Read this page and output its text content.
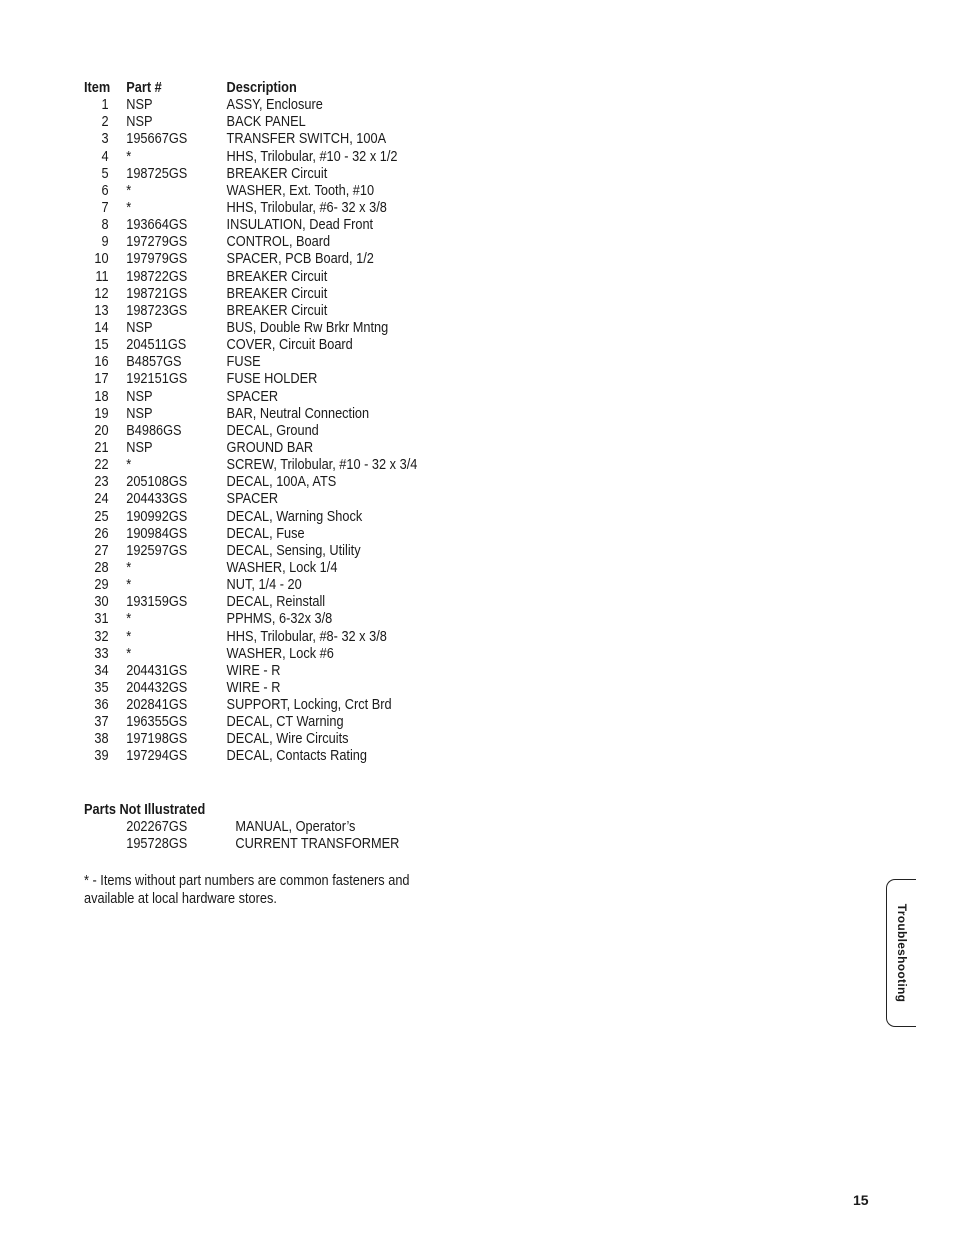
Item	Part #	Description
1	NSP	ASSY, Enclosure
2	NSP	BACK PANEL
3	195667GS	TRANSFER SWITCH, 100A
4	*	HHS, Trilobular, #10 - 32 x 1/2
5	198725GS	BREAKER Circuit
6	*	WASHER, Ext. Tooth, #10
7	*	HHS, Trilobular, #6- 32 x 3/8
8	193664GS	INSULATION, Dead Front
9	197279GS	CONTROL, Board
10	197979GS	SPACER, PCB Board, 1/2
11	198722GS	BREAKER Circuit
12	198721GS	BREAKER Circuit
13	198723GS	BREAKER Circuit
14	NSP	BUS, Double Rw Brkr Mntng
15	204511GS	COVER, Circuit Board
16	B4857GS	FUSE
17	192151GS	FUSE HOLDER
18	NSP	SPACER
19	NSP	BAR, Neutral Connection
20	B4986GS	DECAL, Ground
21	NSP	GROUND BAR
22	*	SCREW, Trilobular, #10 - 32 x 3/4
23	205108GS	DECAL, 100A, ATS
24	204433GS	SPACER
25	190992GS	DECAL, Warning Shock
26	190984GS	DECAL, Fuse
27	192597GS	DECAL, Sensing, Utility
28	*	WASHER, Lock 1/4
29	*	NUT, 1/4 - 20
30	193159GS	DECAL, Reinstall
31	*	PPHMS, 6-32x 3/8
32	*	HHS, Trilobular, #8- 32 x 3/8
33	*	WASHER, Lock #6
34	204431GS	WIRE - R
35	204432GS	WIRE - R
36	202841GS	SUPPORT, Locking, Crct Brd
37	196355GS	DECAL, CT Warning
38	197198GS	DECAL, Wire Circuits
39	197294GS	DECAL, Contacts Rating
Parts Not Illustrated
202267GS	MANUAL, Operator’s
195728GS	CURRENT TRANSFORMER
* - Items without part numbers are common fasteners and
available at local hardware stores.
Troubleshooting
15
